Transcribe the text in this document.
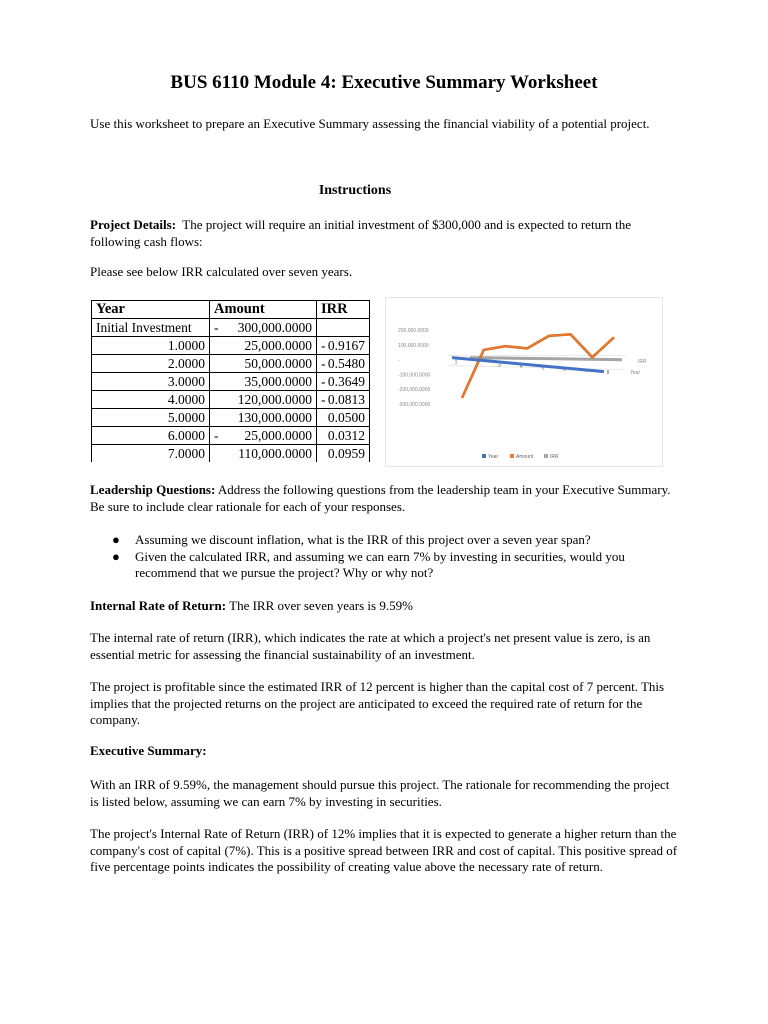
BUS 6110 Module 4: Executive Summary Worksheet
Use this worksheet to prepare an Executive Summary assessing the financial viability of a potential project.
Instructions
Project Details: The project will require an initial investment of $300,000 and is expected to return the following cash flows:
Please see below IRR calculated over seven years.
Year	Amount	IRR
Initial Investment	- 300,000.0000	

1.0000	25,000.0000	- 0.9167
2.0000	50,000.0000	- 0.5480
3.0000	35,000.0000	- 0.3649
4.0000	120,000.0000	- 0.0813
5.0000	130,000.0000	0.0500
6.0000	- 25,000.0000	0.0312
7.0000	110,000.0000	0.0959
200,000.0000
100,000.0000
-
-100,000.0000
-200,000.0000
-300,000.0000
1	2	3	4	5	6	7	8
IRR
Year
Year	Amount	IRR
Leadership Questions: Address the following questions from the leadership team in your Executive Summary. Be sure to include clear rationale for each of your responses.
● Assuming we discount inflation, what is the IRR of this project over a seven year span?
● Given the calculated IRR, and assuming we can earn 7% by investing in securities, would you recommend that we pursue the project? Why or why not?
Internal Rate of Return: The IRR over seven years is 9.59%
The internal rate of return (IRR), which indicates the rate at which a project's net present value is zero, is an essential metric for assessing the financial sustainability of an investment.
The project is profitable since the estimated IRR of 12 percent is higher than the capital cost of 7 percent. This implies that the projected returns on the project are anticipated to exceed the required rate of return for the company.
Executive Summary:
With an IRR of 9.59%, the management should pursue this project. The rationale for recommending the project is listed below, assuming we can earn 7% by investing in securities.
The project's Internal Rate of Return (IRR) of 12% implies that it is expected to generate a higher return than the company's cost of capital (7%). This is a positive spread between IRR and cost of capital. This positive spread of five percentage points indicates the possibility of creating value above the necessary rate of return.
